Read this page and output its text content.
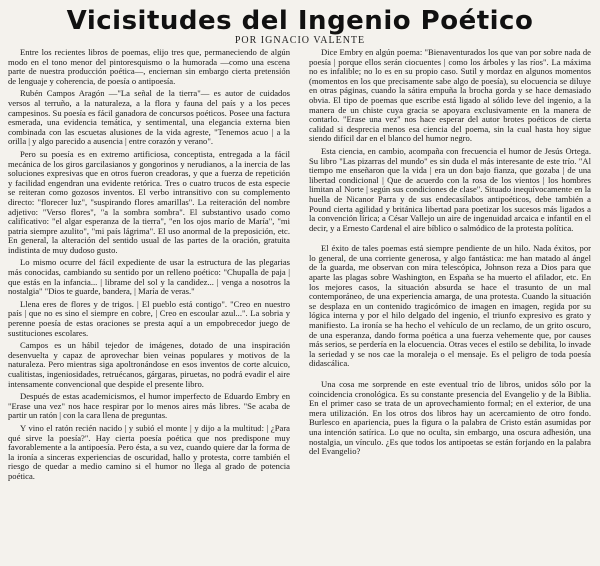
Vicisitudes del Ingenio Poético
POR IGNACIO VALENTE

Entre los recientes libros de poemas, elijo tres que, permaneciendo de algún modo en el tono menor del pintoresquismo o la humorada —como una escena parte de nuestra producción poética—, enciernan sin embargo cierta pretensión de lenguaje y coherencia, de poesía o antipoesía.

Rubén Campos Aragón —"La señal de la tierra"— es autor de cuidados versos al terruño, a la naturaleza, a la flora y fauna del país y a los peces campesinos. Su poesía es fácil ganadora de concursos poéticos. Posee una factura esmerada, una evidencia temática, y sentimental, una elegancia externa bien combinada con las escuetas alusiones de la vida agreste, "Tenemos acuo | a la orilla | y algo parecido a ausencia | entre corazón y verano".

Pero su poesía es en extremo artificiosa, conceptista, entregada a la fácil mecánica de los giros garcilasianos y gongorinos y nerudianos, a la inercia de las soluciones expresivas que en otros fueron creadoras, y que a fuerza de repetición y facilidad engendran una evidente retórica. Tres o cuatro trucos de esta especie se reiteran como gozosos inventos. El verbo intransitivo con su complemento directo: "florecer luz", "suspirando flores amarillas". La reiteración del nombre adjetivo: "Verso flores", "a la sombra sombra". El substantivo usado como calificativo: "el algar esperanza de la tierra", "en los ojos marío de María", "mi patria siempre azulito", "mi país lágrima". El uso anormal de la preposición, etc. En general, la alteración del sentido usual de las partes de la oración, gratuita indistinta de muy dudoso gusto.

Lo mismo ocurre del fácil expediente de usar la estructura de las plegarias más conocidas, cambiando su sentido por un relleno poético: "Chupalla de paja | que estás en la infancia... | librame del sol y la candidez... | venga a nosotros la nostalgia" "Dios te guarde, bandera, | María de veras."

Llena eres de flores y de trigos. | El pueblo está contigo". "Creo en nuestro país | que no es sino el siempre en cobre, | Creo en escoular azul...". La sobria y perenne poesía de estas oraciones se presta aquí a un empobrecedor juego de sustituciones escolares.

Campos es un hábil tejedor de imágenes, dotado de una inspiración desenvuelta y capaz de aprovechar bien veinas populares y motivos de la naturaleza. Pero mientras siga apoltronándose en esos inventos de corte alcuico, cualitistas, ingeniosidades, retruécanos, gárgaras, piruetas, no podrá evadir el aire intensamente convencional que despide el presente libro.

Después de estas academicismos, el humor imperfecto de Eduardo Embry en "Erase una vez" nos hace respirar por lo menos aires más libres. "Se acaba de partir un ratón | con la cara llena de preguntas.

Y vino el ratón recién nacido | y subió el monte | y dijo a la multitud: | ¿Para qué sirve la poesía?". Hay cierta poesía poética que nos predispone muy favorablemente a la antipoesía. Pero ésta, a su vez, cuando quiere dar la forma de la ironía a sinceras experiencias de oscuridad, hallo y protesta, corre también el riesgo de quedar a medio camino si el humor no llega al grado de potencia poética.

Dice Embry en algún poema: "Bienaventurados los que van por sobre nada de poesía | porque ellos serán ciocuentes | como los árboles y las ríos". La máxima no es infalible; no lo es en su propio caso. Sutil y mordaz en algunos momentos (momentos en los que precisamente sabe algo de poesía), su elocuencia se diluye en otras páginas, cuando la sátira empuña la brocha gorda y se hace demasiado obvia. El tipo de poemas que escribe está ligado al sólido leve del ingenio, a la manera de un chiste cuya gracia se apoyara exclusivamente en la manera de contarlo. "Erase una vez" nos hace esperar del autor brotes poéticos de cierta calidad si desprecia menos esa ciencia del poema, sin la cual hasta hoy sigue siendo difícil dar en el blanco del humor negro.

Esta ciencia, en cambio, acompaña con frecuencia el humor de Jesús Ortega. Su libro "Las pizarras del mundo" es sin duda el más interesante de este trío. "Al tiempo me enseñaron que la vida | era un don bajo fianza, que gozaba | de una libertad condicional | Que de acuerdo con la rosa de los vientos | los hombres limitan al Norte | según sus condiciones de clase". Situado inequívocamente en la huella de Nicanor Parra y de sus endecasílabos antipoéticos, debe también a Pound cierta agilidad y británica libertad para poetizar los sucesos más ligados a la convención lírica; a César Vallejo un aire de ingenuidad arcaica e infantil en el decir, y a Ernesto Cardenal el aire bíblico o salmódico de la protesta política.

El éxito de tales poemas está siempre pendiente de un hilo. Nada éxitos, por lo general, de una corriente generosa, y algo fantástica: me han matado al ángel de la guarda, me observan con mira telescópica, Johnson reza a Dios para que aparte las plagas sobre Washington, en España se ha muerto el afilador, etc. En los mejores casos, la situación absurda se hace el trasunto de un mal contemporáneo, de una experiencia amarga, de una protesta. Cuando la situación se desplaza en un contenido tragicómico de imagen en imagen, regida por su lógica interna y por el hilo delgado del ingenio, el triunfo expresivo es grato y manifiesto. La ironía se ha hecho el vehículo de un reclamo, de un grito oscuro, de una esperanza, dando forma poética a una fuerza vehemente que, por causes más serios, se perdería en la elocuencia. Otras veces el estilo se debilita, lo invade la seriedad y se nos cae la moraleja o el mensaje. Es el peligro de toda poesía didascálica.

Una cosa me sorprende en este eventual trío de libros, unidos sólo por la coincidencia cronológica. Es su constante presencia del Evangelio y de la Biblia. En el primer caso se trata de un aprovechamiento formal; en el exterior, de una mera utilización. En los otros dos libros hay un acercamiento de otro fondo. Burlesco en apariencia, pues la figura o la palabra de Cristo están asumidas por una intención satírica. Lo que no oculta, sin embargo, una oscura adhesión, una nostalgia, un vínculo. ¿Es que todos los antipoetas se están forjando en la palabra del Evangelio?
